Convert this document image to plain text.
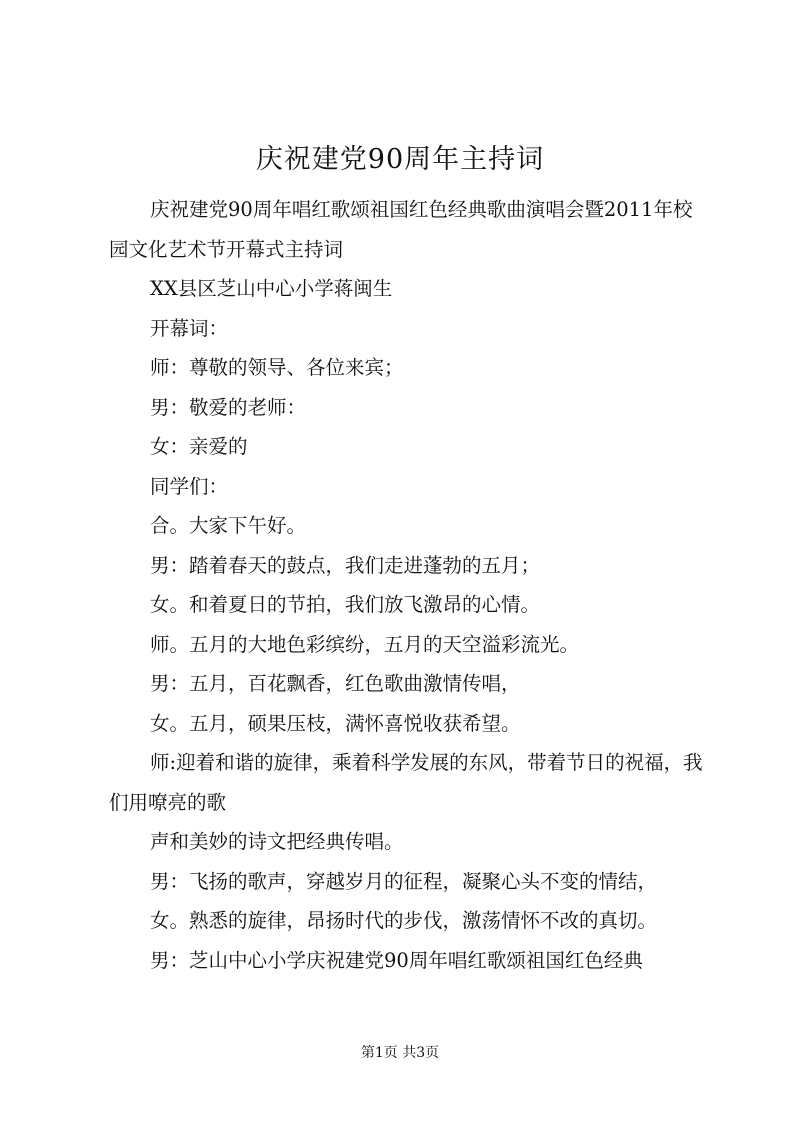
庆祝建党90周年主持词

庆祝建党90周年唱红歌颂祖国红色经典歌曲演唱会暨2011年校园文化艺术节开幕式主持词

XX县区芝山中心小学蒋闽生

开幕词：

师：尊敬的领导、各位来宾；

男：敬爱的老师：

女：亲爱的

同学们：

合。大家下午好。

男：踏着春天的鼓点，我们走进蓬勃的五月；

女。和着夏日的节拍，我们放飞激昂的心情。

师。五月的大地色彩缤纷，五月的天空溢彩流光。

男：五月，百花飘香，红色歌曲激情传唱，

女。五月，硕果压枝，满怀喜悦收获希望。

师:迎着和谐的旋律，乘着科学发展的东风，带着节日的祝福，我们用嘹亮的歌

声和美妙的诗文把经典传唱。

男：飞扬的歌声，穿越岁月的征程，凝聚心头不变的情结，

女。熟悉的旋律，昂扬时代的步伐，激荡情怀不改的真切。

男：芝山中心小学庆祝建党90周年唱红歌颂祖国红色经典

第1页 共3页
